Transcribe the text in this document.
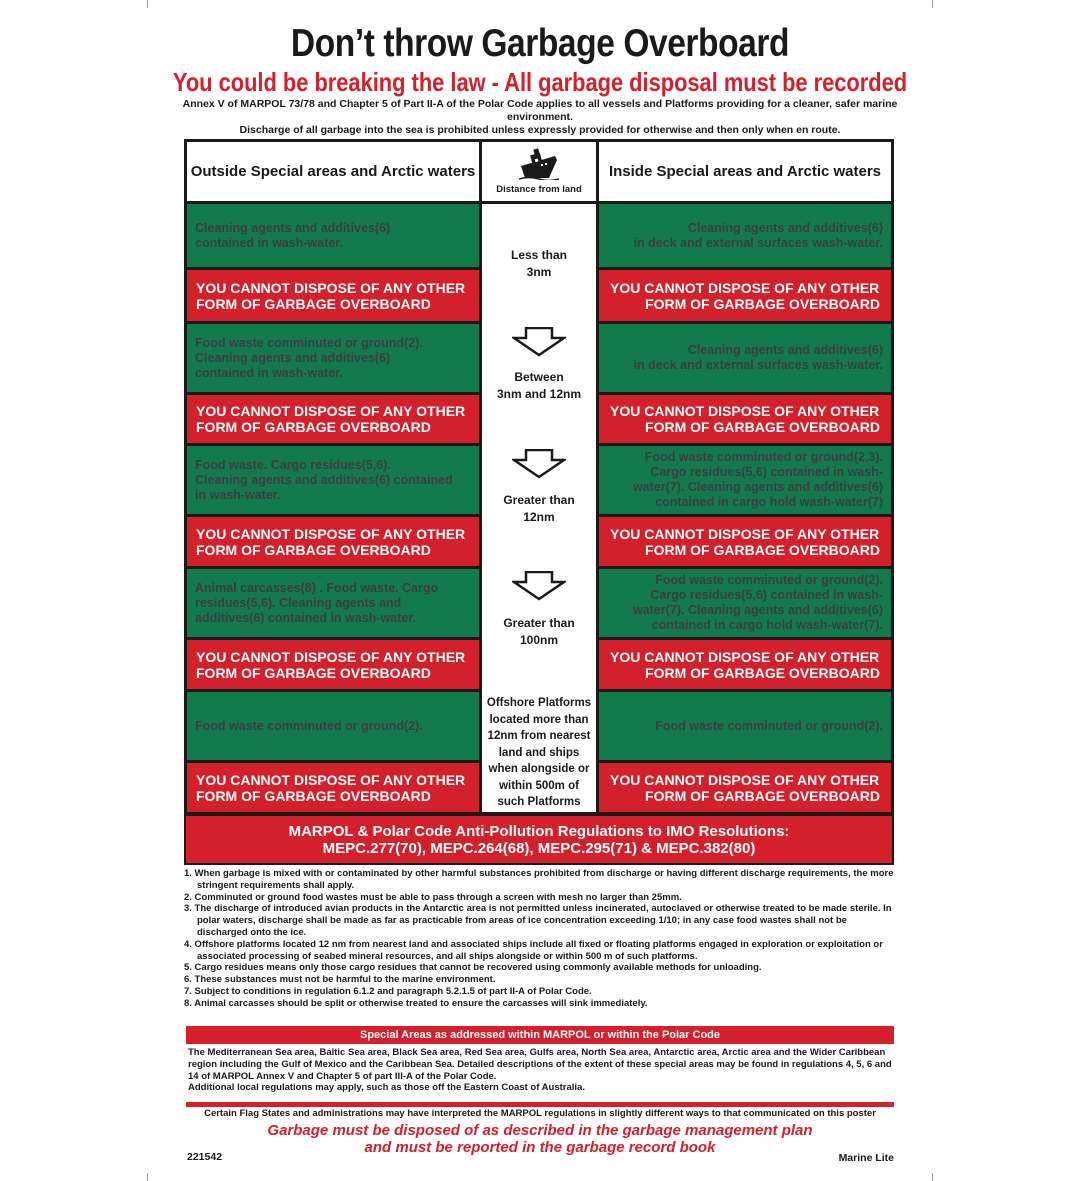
Don’t throw Garbage Overboard
You could be breaking the law - All garbage disposal must be recorded
Annex V of MARPOL 73/78 and Chapter 5 of Part II-A of the Polar Code applies to all vessels and Platforms providing for a cleaner, safer marine environment.
Discharge of all garbage into the sea is prohibited unless expressly provided for otherwise and then only when en route.
Outside Special areas and Arctic waters
Distance from land
Inside Special areas and Arctic waters
Cleaning agents and additives(6)
contained in wash-water.
Cleaning agents and additives(6)
in deck and external surfaces wash-water.
YOU CANNOT DISPOSE OF ANY OTHER
FORM OF GARBAGE OVERBOARD
YOU CANNOT DISPOSE OF ANY OTHER
FORM OF GARBAGE OVERBOARD
Less than
3nm
Food waste comminuted or ground(2).
Cleaning agents and additives(6)
contained in wash-water.
Cleaning agents and additives(6)
in deck and external surfaces wash-water.
YOU CANNOT DISPOSE OF ANY OTHER
FORM OF GARBAGE OVERBOARD
YOU CANNOT DISPOSE OF ANY OTHER
FORM OF GARBAGE OVERBOARD
Between
3nm and 12nm
Food waste. Cargo residues(5,6).
Cleaning agents and additives(6) contained
in wash-water.
Food waste comminuted or ground(2,3).
Cargo residues(5,6) contained in wash-
water(7). Cleaning agents and additives(6)
contained in cargo hold wash-water(7)
YOU CANNOT DISPOSE OF ANY OTHER
FORM OF GARBAGE OVERBOARD
YOU CANNOT DISPOSE OF ANY OTHER
FORM OF GARBAGE OVERBOARD
Greater than
12nm
Animal carcasses(8) . Food waste. Cargo
residues(5,6). Cleaning agents and
additives(6) contained in wash-water.
Food waste comminuted or ground(2).
Cargo residues(5,6) contained in wash-
water(7). Cleaning agents and additives(6)
contained in cargo hold wash-water(7).
YOU CANNOT DISPOSE OF ANY OTHER
FORM OF GARBAGE OVERBOARD
YOU CANNOT DISPOSE OF ANY OTHER
FORM OF GARBAGE OVERBOARD
Greater than
100nm
Food waste comminuted or ground(2).	Food waste comminuted or ground(2).
YOU CANNOT DISPOSE OF ANY OTHER
FORM OF GARBAGE OVERBOARD
YOU CANNOT DISPOSE OF ANY OTHER
FORM OF GARBAGE OVERBOARD
Offshore Platforms
located more than
12nm from nearest
land and ships
when alongside or
within 500m of
such Platforms
MARPOL & Polar Code Anti-Pollution Regulations to IMO Resolutions:
MEPC.277(70), MEPC.264(68), MEPC.295(71) & MEPC.382(80)
1. When garbage is mixed with or contaminated by other harmful substances prohibited from discharge or having different discharge requirements, the more stringent requirements shall apply.
2. Comminuted or ground food wastes must be able to pass through a screen with mesh no larger than 25mm.
3. The discharge of introduced avian products in the Antarctic area is not permitted unless incinerated, autoclaved or otherwise treated to be made sterile. In polar waters, discharge shall be made as far as practicable from areas of ice concentration exceeding 1/10; in any case food wastes shall not be discharged onto the ice.
4. Offshore platforms located 12 nm from nearest land and associated ships include all fixed or floating platforms engaged in exploration or exploitation or associated processing of seabed mineral resources, and all ships alongside or within 500 m of such platforms.
5. Cargo residues means only those cargo residues that cannot be recovered using commonly available methods for unloading.
6. These substances must not be harmful to the marine environment.
7. Subject to conditions in regulation 6.1.2 and paragraph 5.2.1.5 of part II-A of Polar Code.
8. Animal carcasses should be split or otherwise treated to ensure the carcasses will sink immediately.
Special Areas as addressed within MARPOL or within the Polar Code
The Mediterranean Sea area, Baltic Sea area, Black Sea area, Red Sea area, Gulfs area, North Sea area, Antarctic area, Arctic area and the Wider Caribbean region including the Gulf of Mexico and the Caribbean Sea. Detailed descriptions of the extent of these special areas may be found in regulations 4, 5, 6 and 14 of MARPOL Annex V and Chapter 5 of part III-A of the Polar Code.
Additional local regulations may apply, such as those off the Eastern Coast of Australia.
Certain Flag States and administrations may have interpreted the MARPOL regulations in slightly different ways to that communicated on this poster
Garbage must be disposed of as described in the garbage management plan
and must be reported in the garbage record book
221542	Marine Lite
